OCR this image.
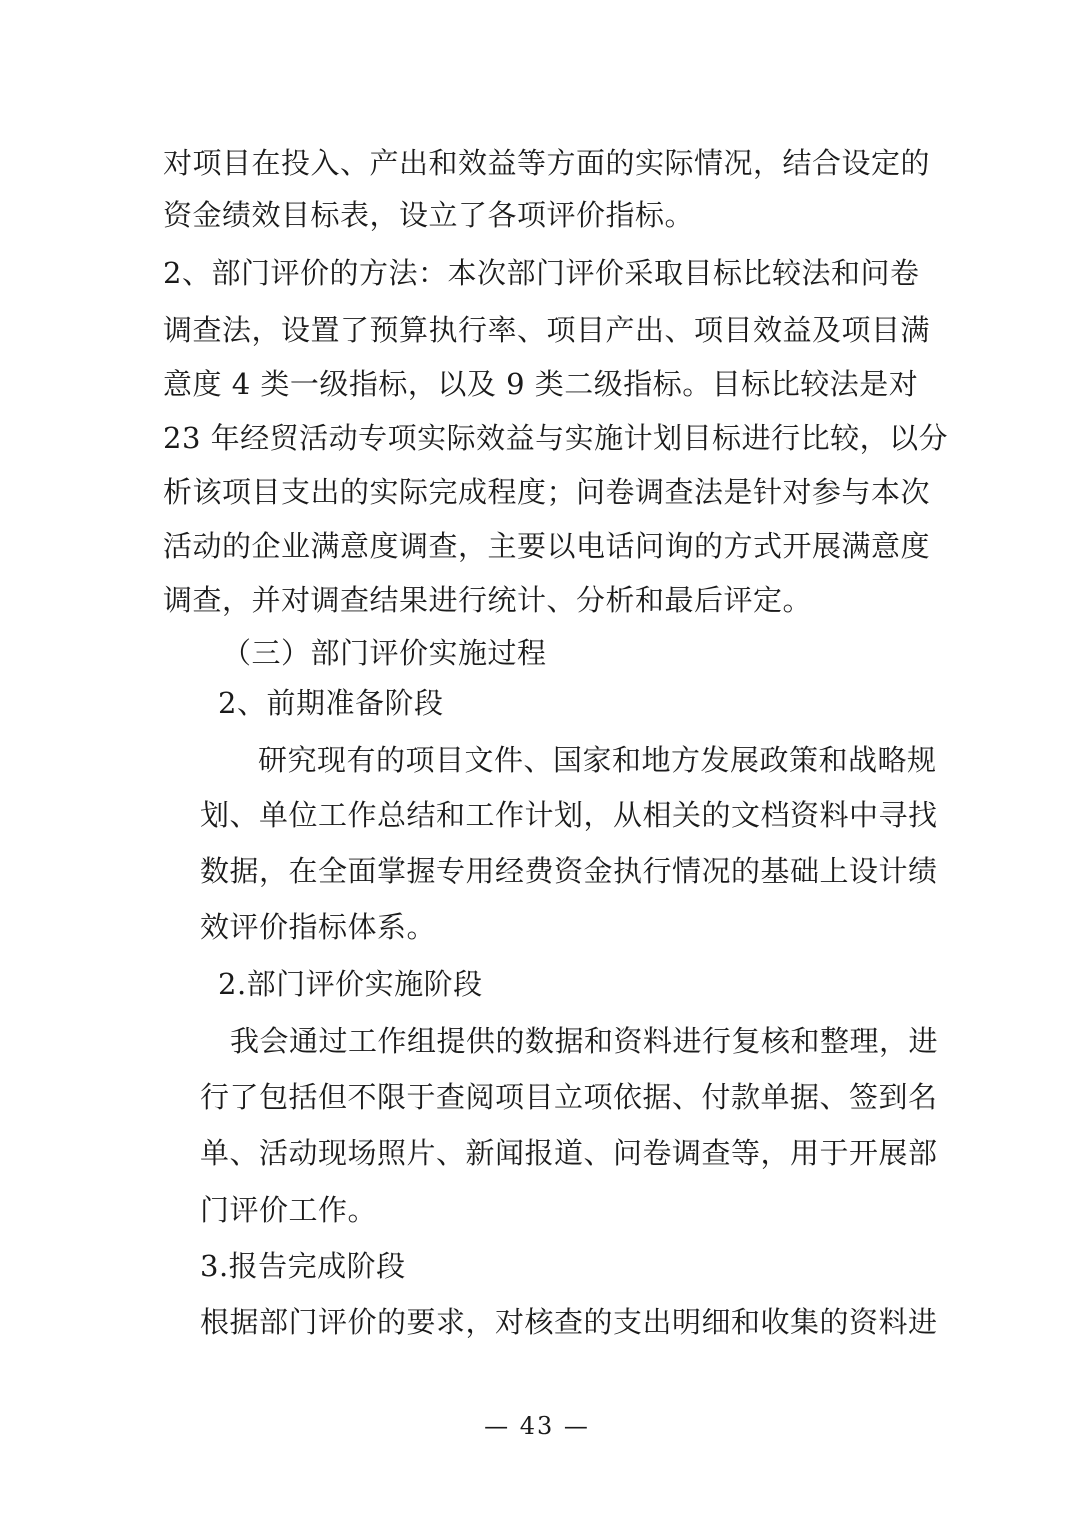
对项目在投入、产出和效益等方面的实际情况，结合设定的
资金绩效目标表，设立了各项评价指标。
2、部门评价的方法：本次部门评价采取目标比较法和问卷
调查法，设置了预算执行率、项目产出、项目效益及项目满
意度 4 类一级指标，以及 9 类二级指标。目标比较法是对
23 年经贸活动专项实际效益与实施计划目标进行比较，以分
析该项目支出的实际完成程度；问卷调查法是针对参与本次
活动的企业满意度调查，主要以电话问询的方式开展满意度
调查，并对调查结果进行统计、分析和最后评定。
（三）部门评价实施过程
2、前期准备阶段
研究现有的项目文件、国家和地方发展政策和战略规
划、单位工作总结和工作计划，从相关的文档资料中寻找
数据，在全面掌握专用经费资金执行情况的基础上设计绩
效评价指标体系。
2.部门评价实施阶段
我会通过工作组提供的数据和资料进行复核和整理，进
行了包括但不限于查阅项目立项依据、付款单据、签到名
单、活动现场照片、新闻报道、问卷调查等，用于开展部
门评价工作。
3.报告完成阶段
根据部门评价的要求，对核查的支出明细和收集的资料进
— 43 —
